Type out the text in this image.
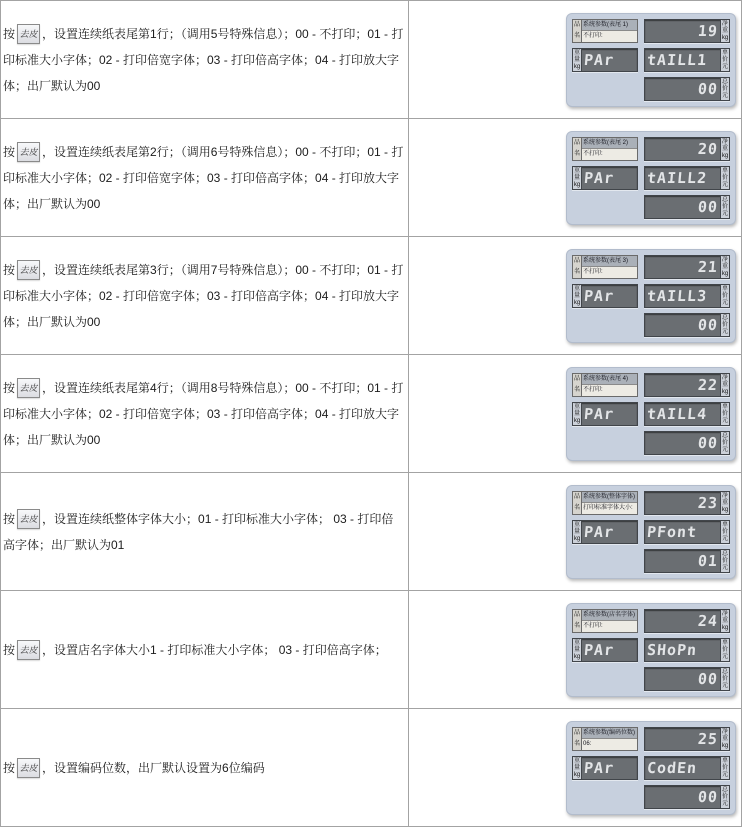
按 去皮 ，设置连续纸表尾第1行；（调用5号特殊信息）；00 - 不打印；01 - 打印标准大小字体；02 - 打印倍宽字体；03 - 打印倍高字体；04 - 打印放大字体；出厂默认为00
品名
系统参数(表尾 1)
不打印:
重量kg PAr
19 净重kg
tAILL1	单价元
00 总价元
按 去皮 ，设置连续纸表尾第2行；（调用6号特殊信息）；00 - 不打印；01 - 打印标准大小字体；02 - 打印倍宽字体；03 - 打印倍高字体；04 - 打印放大字体；出厂默认为00
品名
系统参数(表尾 2)
不打印:
重量kg PAr
20 净重kg
tAILL2	单价元
00 总价元
按 去皮 ，设置连续纸表尾第3行；（调用7号特殊信息）；00 - 不打印；01 - 打印标准大小字体；02 - 打印倍宽字体；03 - 打印倍高字体；04 - 打印放大字体；出厂默认为00
品名
系统参数(表尾 3)
不打印:
重量kg PAr
21 净重kg
tAILL3	单价元
00 总价元
按 去皮 ，设置连续纸表尾第4行；（调用8号特殊信息）；00 - 不打印；01 - 打印标准大小字体；02 - 打印倍宽字体；03 - 打印倍高字体；04 - 打印放大字体；出厂默认为00
品名
系统参数(表尾 4)
不打印:
重量kg PAr
22 净重kg
tAILL4	单价元
00 总价元
按 去皮 ，设置连续纸整体字体大小；01 - 打印标准大小字体； 03 - 打印倍高字体；出厂默认为01
品名
系统参数(整体字体)
打印标准字体大小:
重量kg PAr
23 净重kg
PFont	单价元
01 总价元
按 去皮 ，设置店名字体大小1 - 打印标准大小字体； 03 - 打印倍高字体；
品名
系统参数(店名字体)
不打印:
重量kg PAr
24 净重kg
SHoPn	单价元
00 总价元
按 去皮 ，设置编码位数，出厂默认设置为6位编码
品名
系统参数(编码位数)
06:
重量kg PAr
25 净重kg
CodEn	单价元
00 总价元
